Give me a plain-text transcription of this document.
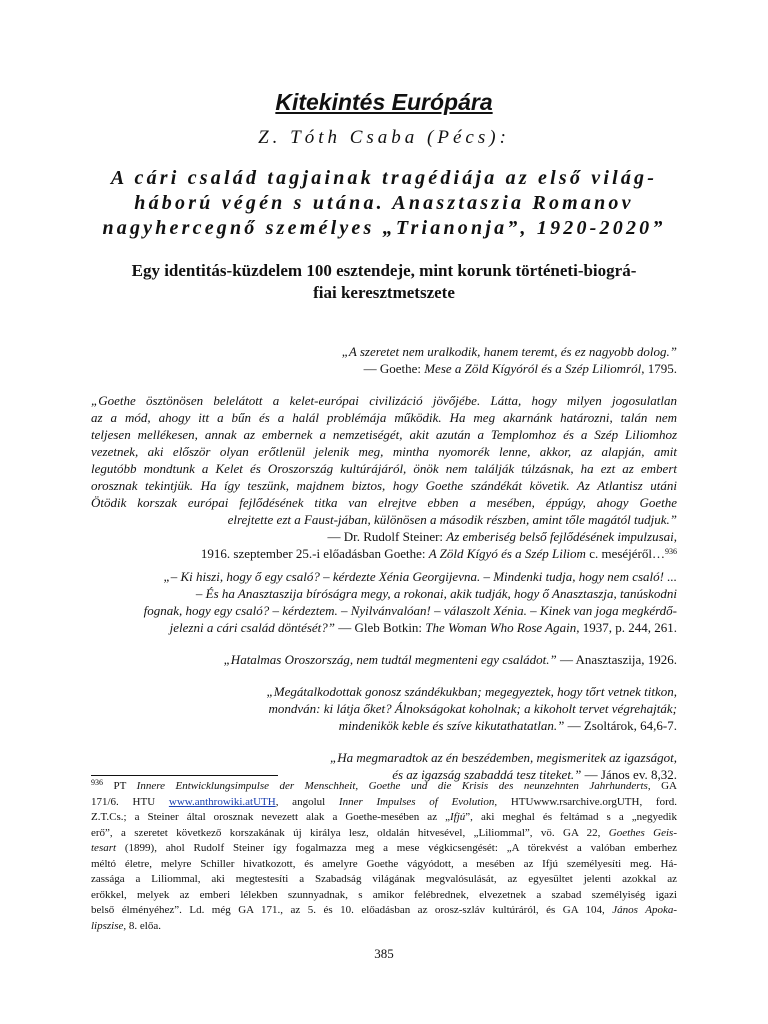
Kitekintés Európára
Z. Tóth Csaba (Pécs):
A cári család tagjainak tragédiája az első világ-
háború végén s utána. Anasztaszia Romanov
nagyhercegnő személyes „Trianonja”, 1920-2020”
Egy identitás-küzdelem 100 esztendeje, mint korunk történeti-biográ-
fiai keresztmetszete
„A szeretet nem uralkodik, hanem teremt, és ez nagyobb dolog.”
— Goethe: Mese a Zöld Kígyóról és a Szép Liliomról, 1795.
„Goethe ösztönösen belelátott a kelet-európai civilizáció jövőjébe. Látta, hogy milyen jogosulatlan
az a mód, ahogy itt a bűn és a halál problémája működik. Ha meg akarnánk határozni, talán nem
teljesen mellékesen, annak az embernek a nemzetiségét, akit azután a Templomhoz és a Szép Liliomhoz
vezetnek, aki először olyan erőtlenül jelenik meg, mintha nyomorék lenne, akkor, az alapján, amit
legutóbb mondtunk a Kelet és Oroszország kultúrájáról, önök nem találják túlzásnak, ha ezt az embert
orosznak tekintjük. Ha így teszünk, majdnem biztos, hogy Goethe szándékát követik. Az Atlantisz utáni
Ötödik korszak európai fejlődésének titka van elrejtve ebben a mesében, éppúgy, ahogy Goethe
elrejtette ezt a Faust-jában, különösen a második részben, amint tőle magától tudjuk.”
— Dr. Rudolf Steiner: Az emberiség belső fejlődésének impulzusai,
1916. szeptember 25.-i előadásban Goethe: A Zöld Kígyó és a Szép Liliom c. meséjéről…$^{936}$
„– Ki hiszi, hogy ő egy csaló? – kérdezte Xénia Georgijevna. – Mindenki tudja, hogy nem csaló! ...
– És ha Anasztaszija bíróságra megy, a rokonai, akik tudják, hogy ő Anasztaszja, tanúskodni
fognak, hogy egy csaló? – kérdeztem. – Nyilvánvalóan! – válaszolt Xénia. – Kinek van joga megkérdő-
jelezni a cári család döntését?” — Gleb Botkin: The Woman Who Rose Again, 1937, p. 244, 261.
„Hatalmas Oroszország, nem tudtál megmenteni egy családot.” — Anasztaszija, 1926.
„Megátalkodottak gonosz szándékukban; megegyeztek, hogy tőrt vetnek titkon,
mondván: ki látja őket? Álnokságokat koholnak; a kikoholt tervet végrehajták;
mindenikök keble és szíve kikutathatatlan.” — Zsoltárok, 64,6-7.
„Ha megmaradtok az én beszédemben, megismeritek az igazságot,
és az igazság szabaddá tesz titeket.” — János ev. 8,32.
$^{936}$ PT Innere Entwicklungsimpulse der Menschheit, Goethe und die Krisis des neunzehnten Jahrhunderts, GA
171/6. HTU www.anthrowiki.atUTH, angolul Inner Impulses of Evolution, HTUwww.rsarchive.orgUTH, ford.
Z.T.Cs.; a Steiner által orosznak nevezett alak a Goethe-mesében az „Ifjú”, aki meghal és feltámad s a „negyedik
erő”, a szeretet következő korszakának új királya lesz, oldalán hitvesével, „Liliommal”, vö. GA 22, Goethes Geis-
tesart (1899), ahol Rudolf Steiner így fogalmazza meg a mese végkicsengését: „A törekvést a valóban emberhez
méltó életre, melyre Schiller hivatkozott, és amelyre Goethe vágyódott, a mesében az Ifjú személyesíti meg. Há-
zassága a Liliommal, aki megtestesíti a Szabadság világának megvalósulását, az egyesültet jelenti azokkal az
erőkkel, melyek az emberi lélekben szunnyadnak, s amikor felébrednek, elvezetnek a szabad személyiség igazi
belső élményéhez”. Ld. még GA 171., az 5. és 10. előadásban az orosz-szláv kultúráról, és GA 104, János Apoka-
lipszise, 8. előa.
385
